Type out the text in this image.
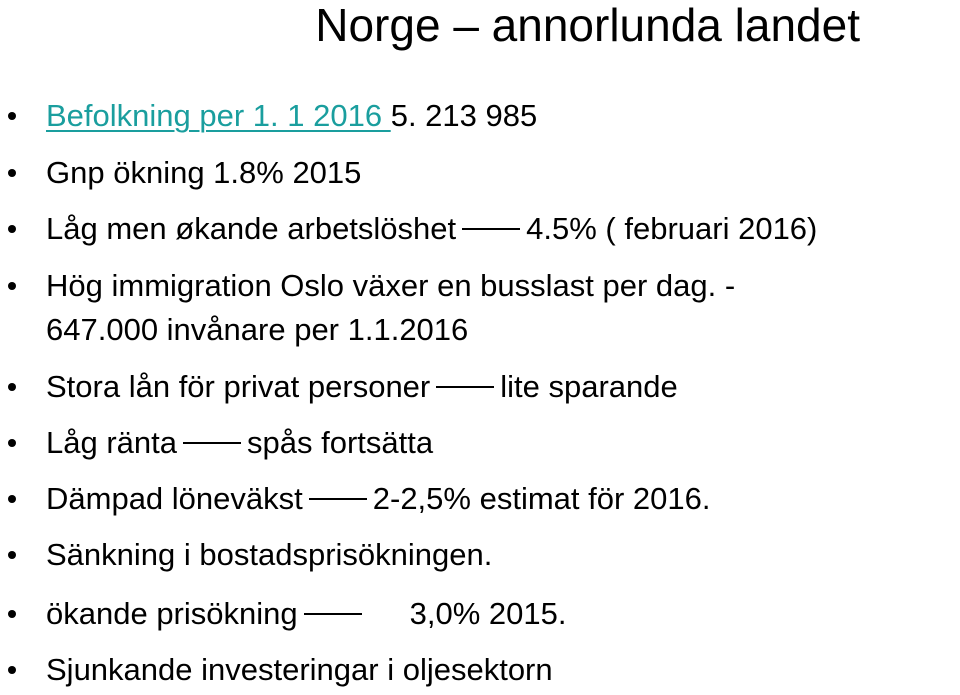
Norge – annorlunda landet
Befolkning per 1. 1 2016 5. 213 985
Gnp ökning 1.8% 2015
Låg men økande arbetslöshet 4.5% ( februari 2016)
Hög immigration Oslo växer en busslast per dag. -
647.000 invånare per 1.1.2016
Stora lån för privat personer lite sparande
Låg ränta spås fortsätta
Dämpad löneväkst 2-2,5% estimat för 2016.
Sänkning i bostadsprisökningen.
ökande prisökning	3,0% 2015.
Sjunkande investeringar i oljesektorn
